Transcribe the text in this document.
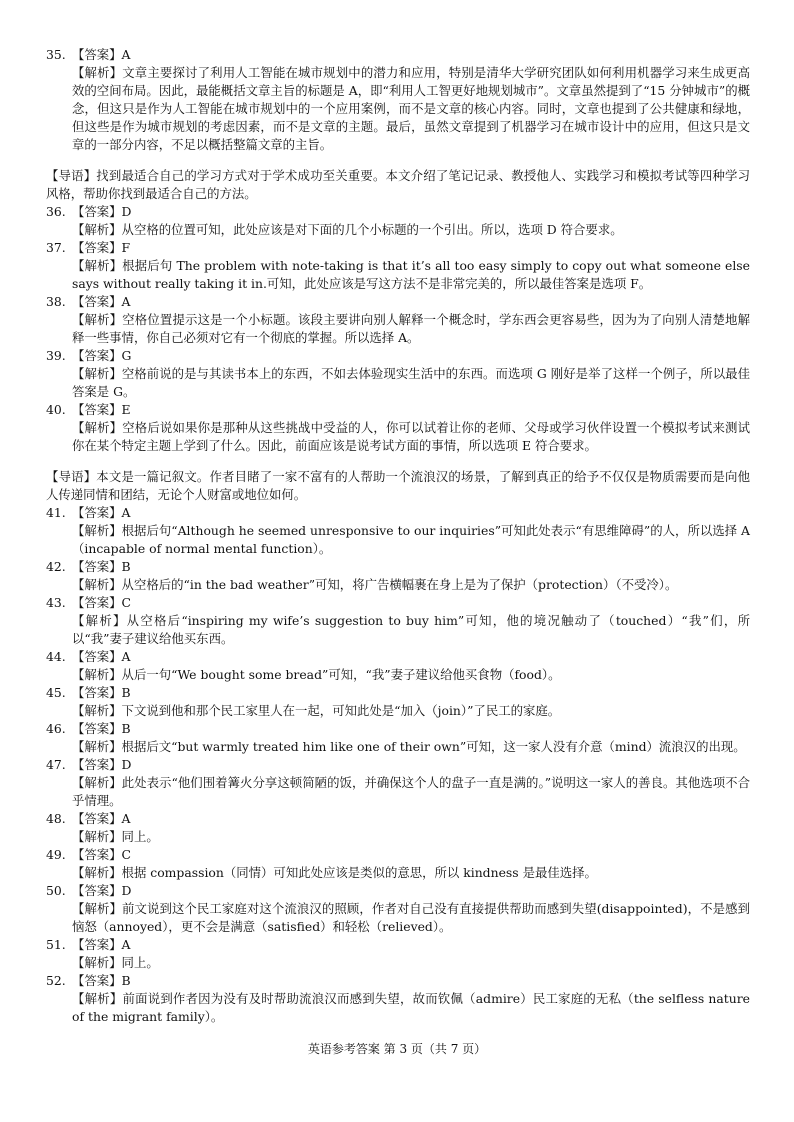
35. 【答案】A
【解析】文章主要探讨了利用人工智能在城市规划中的潜力和应用，特别是清华大学研究团队如何利用机器学习来生成更高效的空间布局。因此，最能概括文章主旨的标题是 A，即“利用人工智更好地规划城市”。文章虽然提到了“15 分钟城市”的概念，但这只是作为人工智能在城市规划中的一个应用案例，而不是文章的核心内容。同时，文章也提到了公共健康和绿地，但这些是作为城市规划的考虑因素，而不是文章的主题。最后，虽然文章提到了机器学习在城市设计中的应用，但这只是文章的一部分内容，不足以概括整篇文章的主旨。
【导语】找到最适合自己的学习方式对于学术成功至关重要。本文介绍了笔记记录、教授他人、实践学习和模拟考试等四种学习风格，帮助你找到最适合自己的方法。
36. 【答案】D
【解析】从空格的位置可知，此处应该是对下面的几个小标题的一个引出。所以，选项 D 符合要求。
37. 【答案】F
【解析】根据后句 The problem with note-taking is that it’s all too easy simply to copy out what someone else says without really taking it in.可知，此处应该是写这方法不是非常完美的，所以最佳答案是选项 F。
38. 【答案】A
【解析】空格位置提示这是一个小标题。该段主要讲向别人解释一个概念时，学东西会更容易些，因为为了向别人清楚地解释一些事情，你自己必须对它有一个彻底的掌握。所以选择 A。
39. 【答案】G
【解析】空格前说的是与其读书本上的东西，不如去体验现实生活中的东西。而选项 G 刚好是举了这样一个例子，所以最佳答案是 G。
40. 【答案】E
【解析】空格后说如果你是那种从这些挑战中受益的人，你可以试着让你的老师、父母或学习伙伴设置一个模拟考试来测试你在某个特定主题上学到了什么。因此，前面应该是说考试方面的事情，所以选项 E 符合要求。
【导语】本文是一篇记叙文。作者目睹了一家不富有的人帮助一个流浪汉的场景，了解到真正的给予不仅仅是物质需要而是向他人传递同情和团结，无论个人财富或地位如何。
41. 【答案】A
【解析】根据后句“Although he seemed unresponsive to our inquiries”可知此处表示“有思维障碍”的人，所以选择 A（incapable of normal mental function）。
42. 【答案】B
【解析】从空格后的“in the bad weather”可知，将广告横幅裹在身上是为了保护（protection）（不受冷）。
43. 【答案】C
【解析】从空格后“inspiring my wife’s suggestion to buy him”可知，他的境况触动了（touched）“我”们，所以“我”妻子建议给他买东西。
44. 【答案】A
【解析】从后一句“We bought some bread”可知，“我”妻子建议给他买食物（food）。
45. 【答案】B
【解析】下文说到他和那个民工家里人在一起，可知此处是“加入（join）”了民工的家庭。
46. 【答案】B
【解析】根据后文“but warmly treated him like one of their own”可知，这一家人没有介意（mind）流浪汉的出现。
47. 【答案】D
【解析】此处表示“他们围着篝火分享这顿简陋的饭，并确保这个人的盘子一直是满的。”说明这一家人的善良。其他选项不合乎情理。
48. 【答案】A
【解析】同上。
49. 【答案】C
【解析】根据 compassion（同情）可知此处应该是类似的意思，所以 kindness 是最佳选择。
50. 【答案】D
【解析】前文说到这个民工家庭对这个流浪汉的照顾，作者对自己没有直接提供帮助而感到失望(disappointed)，不是感到恼怒（annoyed），更不会是满意（satisfied）和轻松（relieved）。
51. 【答案】A
【解析】同上。
52. 【答案】B
【解析】前面说到作者因为没有及时帮助流浪汉而感到失望，故而钦佩（admire）民工家庭的无私（the selfless nature of the migrant family）。
英语参考答案 第 3 页（共 7 页）
